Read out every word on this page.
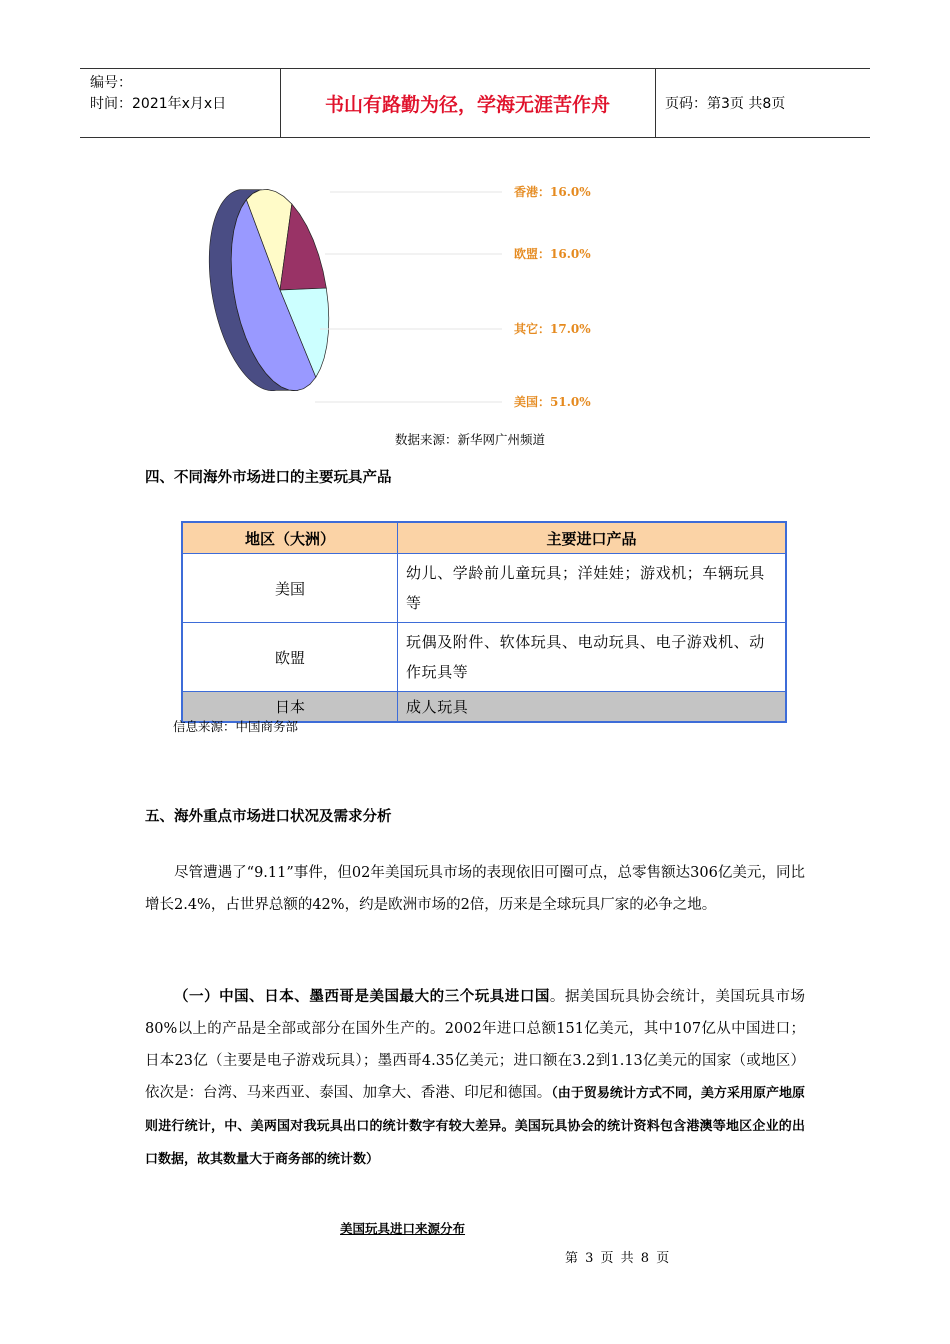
编号：
时间：2021年x月x日	书山有路勤为径，学海无涯苦作舟	页码：第3页 共8页
香港：16.0%
欧盟：16.0%
其它：17.0%
美国：51.0%
数据来源：新华网广州频道
四、不同海外市场进口的主要玩具产品
地区（大洲）	主要进口产品
美国	幼儿、学龄前儿童玩具；洋娃娃；游戏机；车辆玩具等
欧盟	玩偶及附件、软体玩具、电动玩具、电子游戏机、动作玩具等
日本	成人玩具
信息来源：中国商务部
五、海外重点市场进口状况及需求分析
尽管遭遇了“9.11”事件，但02年美国玩具市场的表现依旧可圈可点，总零售额达306亿美元，同比增长2.4%，占世界总额的42%，约是欧洲市场的2倍，历来是全球玩具厂家的必争之地。
（一）中国、日本、墨西哥是美国最大的三个玩具进口国。据美国玩具协会统计，美国玩具市场80%以上的产品是全部或部分在国外生产的。2002年进口总额151亿美元，其中107亿从中国进口；日本23亿（主要是电子游戏玩具）；墨西哥4.35亿美元；进口额在3.2到1.13亿美元的国家（或地区）依次是：台湾、马来西亚、泰国、加拿大、香港、印尼和德国。（由于贸易统计方式不同，美方采用原产地原则进行统计，中、美两国对我玩具出口的统计数字有较大差异。美国玩具协会的统计资料包含港澳等地区企业的出口数据，故其数量大于商务部的统计数）
美国玩具进口来源分布
第 3 页 共 8 页
